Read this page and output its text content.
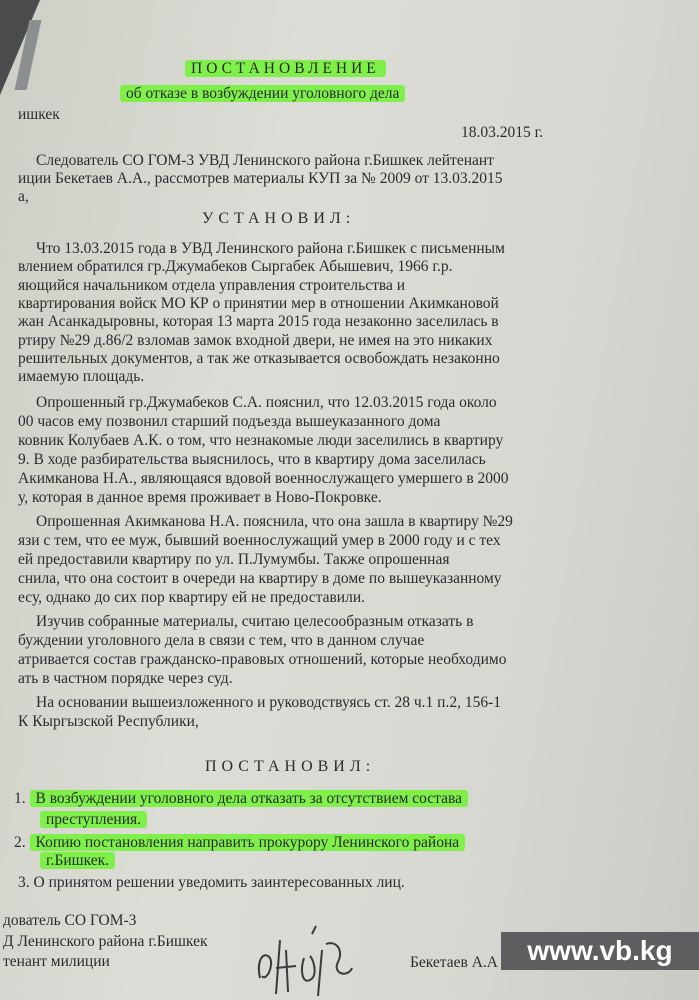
ПОСТАНОВЛЕНИЕ
об отказе в возбуждении уголовного дела
ишкек
18.03.2015 г.
Следователь СО ГОМ-3 УВД Ленинского района г.Бишкек лейтенант
иции Бекетаев А.А., рассмотрев материалы КУП за № 2009 от 13.03.2015
а,
УСТАНОВИЛ:
Что 13.03.2015 года в УВД Ленинского района г.Бишкек с письменным
влением обратился гр.Джумабеков Сыргабек Абышевич, 1966 г.р.
яющийся начальником отдела управления строительства и
квартирования войск МО КР о принятии мер в отношении Акимкановой
жан Асанкадыровны, которая 13 марта 2015 года незаконно заселилась в
ртиру №29 д.86/2 взломав замок входной двери, не имея на это никаких
решительных документов, а так же отказывается освобождать незаконно
имаемую площадь.
Опрошенный гр.Джумабеков С.А. пояснил, что 12.03.2015 года около
00 часов ему позвонил старший подъезда вышеуказанного дома
ковник Колубаев А.К. о том, что незнакомые люди заселились в квартиру
9. В ходе разбирательства выяснилось, что в квартиру дома заселилась
Акимканова Н.А., являющаяся вдовой военнослужащего умершего в 2000
у, которая в данное время проживает в Ново-Покровке.
Опрошенная Акимканова Н.А. пояснила, что она зашла в квартиру №29
язи с тем, что ее муж, бывший военнослужащий умер в 2000 году и с тех
ей предоставили квартиру по ул. П.Лумумбы. Также опрошенная
снила, что она состоит в очереди на квартиру в доме по вышеуказанному
есу, однако до сих пор квартиру ей не предоставили.
Изучив собранные материалы, считаю целесообразным отказать в
буждении уголовного дела в связи с тем, что в данном случае
атривается состав гражданско-правовых отношений, которые необходимо
ать в частном порядке через суд.
На основании вышеизложенного и руководствуясь ст. 28 ч.1 п.2, 156-1
К Кыргызской Республики,
ПОСТАНОВИЛ:
1. В возбуждении уголовного дела отказать за отсутствием состава
преступления.
2. Копию постановления направить прокурору Ленинского района
г.Бишкек.
3. О принятом решении уведомить заинтересованных лиц.
дователь СО ГОМ-3
Д Ленинского района г.Бишкек
тенант милиции	Бекетаев А.А	www.vb.kg
